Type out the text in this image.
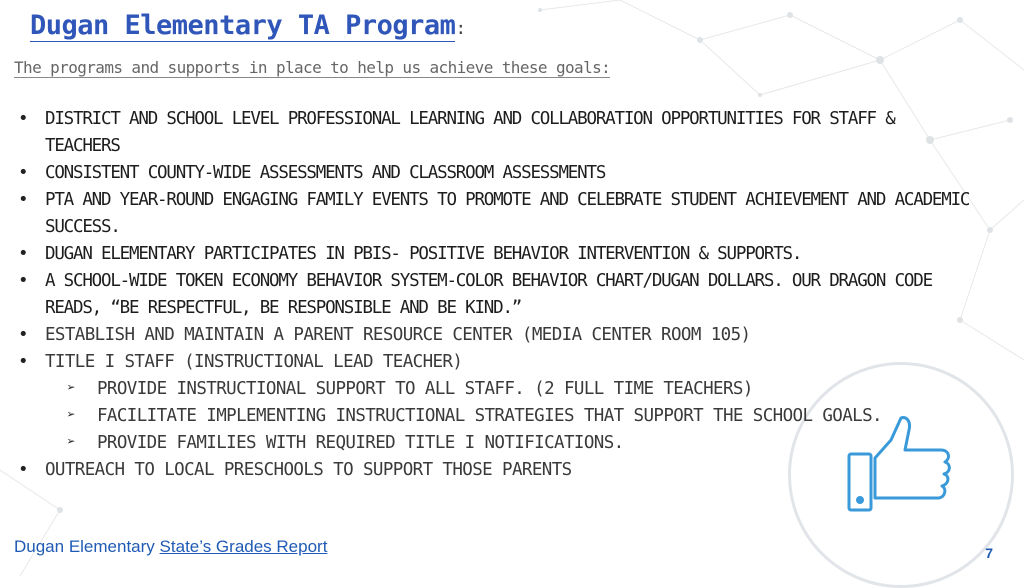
Dugan Elementary TA Program:

The programs and supports in place to help us achieve these goals:

• DISTRICT AND SCHOOL LEVEL PROFESSIONAL LEARNING AND COLLABORATION OPPORTUNITIES FOR STAFF & TEACHERS
• CONSISTENT COUNTY-WIDE ASSESSMENTS AND CLASSROOM ASSESSMENTS
• PTA AND YEAR-ROUND ENGAGING FAMILY EVENTS TO PROMOTE AND CELEBRATE STUDENT ACHIEVEMENT AND ACADEMIC SUCCESS.
• DUGAN ELEMENTARY PARTICIPATES IN PBIS- POSITIVE BEHAVIOR INTERVENTION & SUPPORTS.
• A SCHOOL-WIDE TOKEN ECONOMY BEHAVIOR SYSTEM-COLOR BEHAVIOR CHART/DUGAN DOLLARS. OUR DRAGON CODE READS, “BE RESPECTFUL, BE RESPONSIBLE AND BE KIND.”
• ESTABLISH AND MAINTAIN A PARENT RESOURCE CENTER (MEDIA CENTER ROOM 105)
• TITLE I STAFF (INSTRUCTIONAL LEAD TEACHER)
➢ PROVIDE INSTRUCTIONAL SUPPORT TO ALL STAFF. (2 FULL TIME TEACHERS)
➢ FACILITATE IMPLEMENTING INSTRUCTIONAL STRATEGIES THAT SUPPORT THE SCHOOL GOALS.
➢ PROVIDE FAMILIES WITH REQUIRED TITLE I NOTIFICATIONS.
• OUTREACH TO LOCAL PRESCHOOLS TO SUPPORT THOSE PARENTS
Dugan Elementary State’s Grades Report	7
